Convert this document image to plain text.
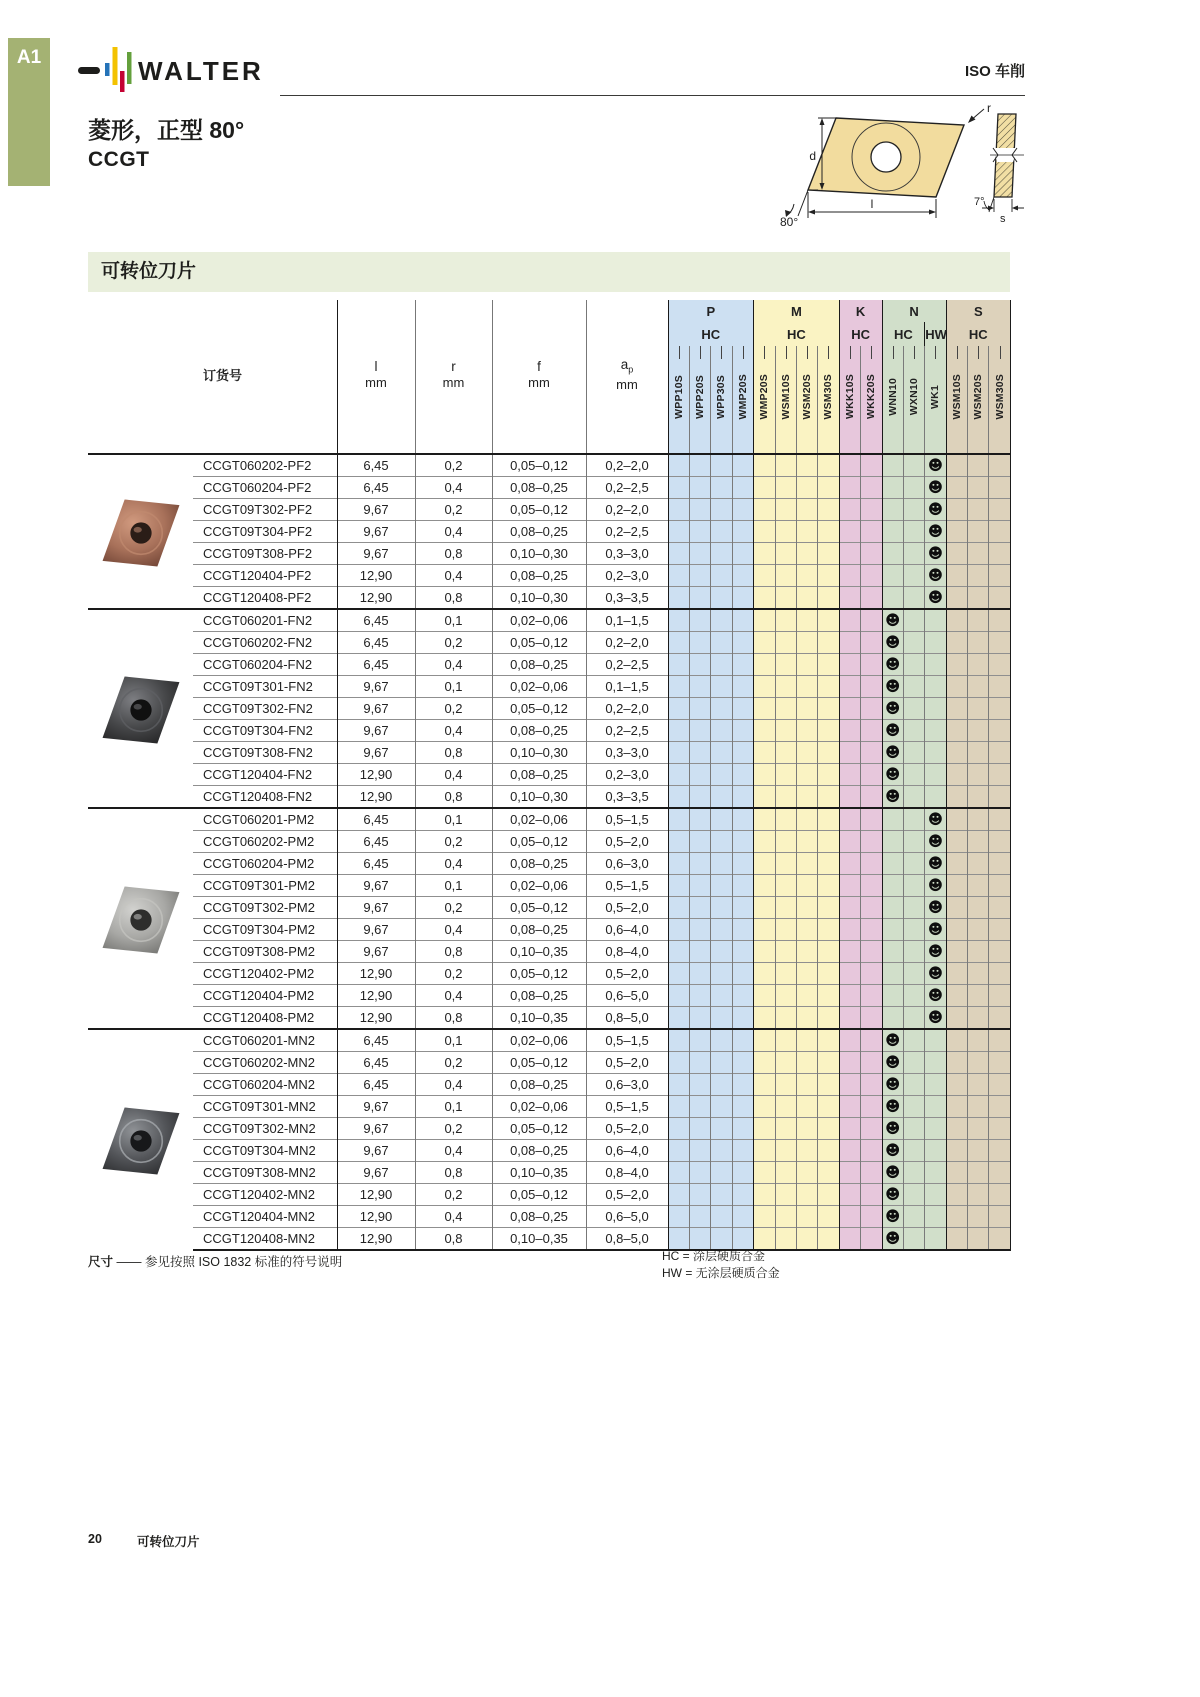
A1	WALTER	ISO 车削
菱形，正型 80°
CCGT	d
l
r
80°
7°
s
可转位刀片
	订货号	
l
mm

r
mm

f
mm

$a_p$
mm
	P	M	K	N	S
						HC				HC				HC		HC		HW	HC		

WPP10S	WPP20S	WPP30S	WMP20S	WMP20S	WSM10S	WSM20S	WSM30S	WKK10S	WKK20S	WNN10	WXN10	WK1	WSM10S	WSM20S	WSM30S
	CCGT060202-PF2	6,45	0,2	0,05–0,12	0,2–2,0													☻			
	CCGT060204-PF2	6,45	0,4	0,08–0,25	0,2–2,5													☻			
	CCGT09T302-PF2	9,67	0,2	0,05–0,12	0,2–2,0													☻			
	CCGT09T304-PF2	9,67	0,4	0,08–0,25	0,2–2,5													☻			
	CCGT09T308-PF2	9,67	0,8	0,10–0,30	0,3–3,0													☻			
	CCGT120404-PF2	12,90	0,4	0,08–0,25	0,2–3,0													☻			
	CCGT120408-PF2	12,90	0,8	0,10–0,30	0,3–3,5													☻			
	CCGT060201-FN2	6,45	0,1	0,02–0,06	0,1–1,5											☻					
	CCGT060202-FN2	6,45	0,2	0,05–0,12	0,2–2,0											☻					
	CCGT060204-FN2	6,45	0,4	0,08–0,25	0,2–2,5											☻					
	CCGT09T301-FN2	9,67	0,1	0,02–0,06	0,1–1,5											☻					
	CCGT09T302-FN2	9,67	0,2	0,05–0,12	0,2–2,0											☻					
	CCGT09T304-FN2	9,67	0,4	0,08–0,25	0,2–2,5											☻					
	CCGT09T308-FN2	9,67	0,8	0,10–0,30	0,3–3,0											☻					
	CCGT120404-FN2	12,90	0,4	0,08–0,25	0,2–3,0											☻					
	CCGT120408-FN2	12,90	0,8	0,10–0,30	0,3–3,5											☻					
	CCGT060201-PM2	6,45	0,1	0,02–0,06	0,5–1,5													☻			
	CCGT060202-PM2	6,45	0,2	0,05–0,12	0,5–2,0													☻			
	CCGT060204-PM2	6,45	0,4	0,08–0,25	0,6–3,0													☻			
	CCGT09T301-PM2	9,67	0,1	0,02–0,06	0,5–1,5													☻			
	CCGT09T302-PM2	9,67	0,2	0,05–0,12	0,5–2,0													☻			
	CCGT09T304-PM2	9,67	0,4	0,08–0,25	0,6–4,0													☻			
	CCGT09T308-PM2	9,67	0,8	0,10–0,35	0,8–4,0													☻			
	CCGT120402-PM2	12,90	0,2	0,05–0,12	0,5–2,0													☻			
	CCGT120404-PM2	12,90	0,4	0,08–0,25	0,6–5,0													☻			
	CCGT120408-PM2	12,90	0,8	0,10–0,35	0,8–5,0													☻			
	CCGT060201-MN2	6,45	0,1	0,02–0,06	0,5–1,5											☻					
	CCGT060202-MN2	6,45	0,2	0,05–0,12	0,5–2,0											☻					
	CCGT060204-MN2	6,45	0,4	0,08–0,25	0,6–3,0											☻					
	CCGT09T301-MN2	9,67	0,1	0,02–0,06	0,5–1,5											☻					
	CCGT09T302-MN2	9,67	0,2	0,05–0,12	0,5–2,0											☻					
	CCGT09T304-MN2	9,67	0,4	0,08–0,25	0,6–4,0											☻					
	CCGT09T308-MN2	9,67	0,8	0,10–0,35	0,8–4,0											☻					
	CCGT120402-MN2	12,90	0,2	0,05–0,12	0,5–2,0											☻					
	CCGT120404-MN2	12,90	0,4	0,08–0,25	0,6–5,0											☻					
	CCGT120408-MN2	12,90	0,8	0,10–0,35	0,8–5,0											☻					
尺寸 —— 参见按照 ISO 1832 标准的符号说明	HC = 涂层硬质合金
HW = 无涂层硬质合金
20	可转位刀片
